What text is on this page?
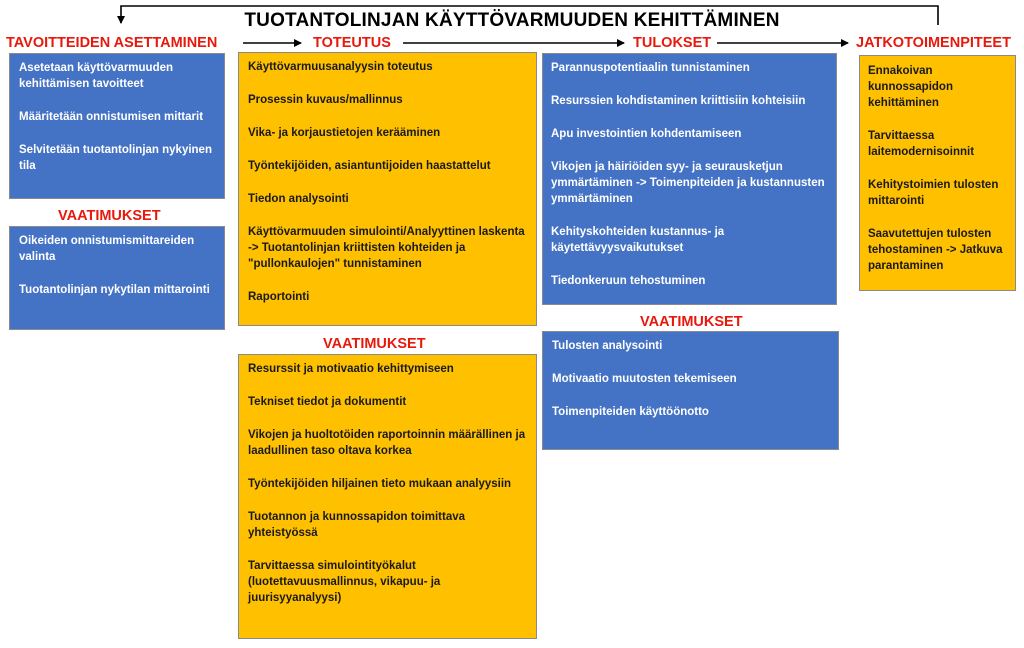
TUOTANTOLINJAN KÄYTTÖVARMUUDEN KEHITTÄMINEN
TAVOITTEIDEN ASETTAMINEN	TOTEUTUS	TULOKSET	JATKOTOIMENPITEET
Asetetaan käyttövarmuuden kehittämisen tavoitteet
Määritetään onnistumisen mittarit
Selvitetään tuotantolinjan nykyinen tila
VAATIMUKSET
Oikeiden onnistumismittareiden valinta
Tuotantolinjan nykytilan mittarointi
Käyttövarmuusanalyysin toteutus
Prosessin kuvaus/mallinnus
Vika- ja korjaustietojen kerääminen
Työntekijöiden, asiantuntijoiden haastattelut
Tiedon analysointi
Käyttövarmuuden simulointi/Analyyttinen laskenta -> Tuotantolinjan kriittisten kohteiden ja "pullonkaulojen" tunnistaminen
Raportointi
VAATIMUKSET
Resurssit ja motivaatio kehittymiseen
Tekniset tiedot ja dokumentit
Vikojen ja huoltotöiden raportoinnin määrällinen ja laadullinen taso oltava korkea
Työntekijöiden hiljainen tieto mukaan analyysiin
Tuotannon ja kunnossapidon toimittava yhteistyössä
Tarvittaessa simulointityökalut (luotettavuusmallinnus, vikapuu- ja juurisyyanalyysi)
Parannuspotentiaalin tunnistaminen
Resurssien kohdistaminen kriittisiin kohteisiin
Apu investointien kohdentamiseen
Vikojen ja häiriöiden syy- ja seurausketjun ymmärtäminen -> Toimenpiteiden ja kustannusten ymmärtäminen
Kehityskohteiden kustannus- ja käytettävyysvaikutukset
Tiedonkeruun tehostuminen
VAATIMUKSET
Tulosten analysointi
Motivaatio muutosten tekemiseen
Toimenpiteiden käyttöönotto
Ennakoivan kunnossapidon kehittäminen
Tarvittaessa laitemodernisoinnit
Kehitystoimien tulosten mittarointi
Saavutettujen tulosten tehostaminen -> Jatkuva parantaminen
